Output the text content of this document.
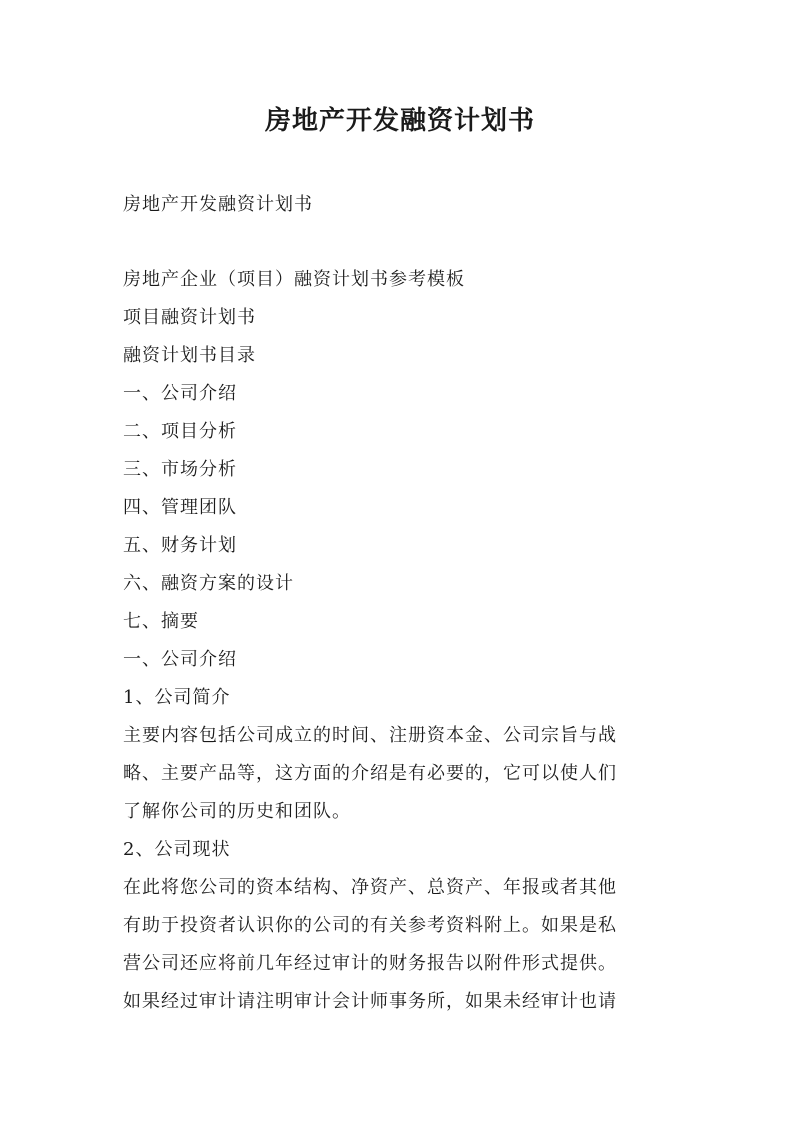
房地产开发融资计划书
房地产开发融资计划书
房地产企业（项目）融资计划书参考模板
项目融资计划书
融资计划书目录
一、公司介绍
二、项目分析
三、市场分析
四、管理团队
五、财务计划
六、融资方案的设计
七、摘要
一、公司介绍
1、公司简介
主要内容包括公司成立的时间、注册资本金、公司宗旨与战
略、主要产品等，这方面的介绍是有必要的，它可以使人们
了解你公司的历史和团队。
2、公司现状
在此将您公司的资本结构、净资产、总资产、年报或者其他
有助于投资者认识你的公司的有关参考资料附上。如果是私
营公司还应将前几年经过审计的财务报告以附件形式提供。
如果经过审计请注明审计会计师事务所，如果未经审计也请
